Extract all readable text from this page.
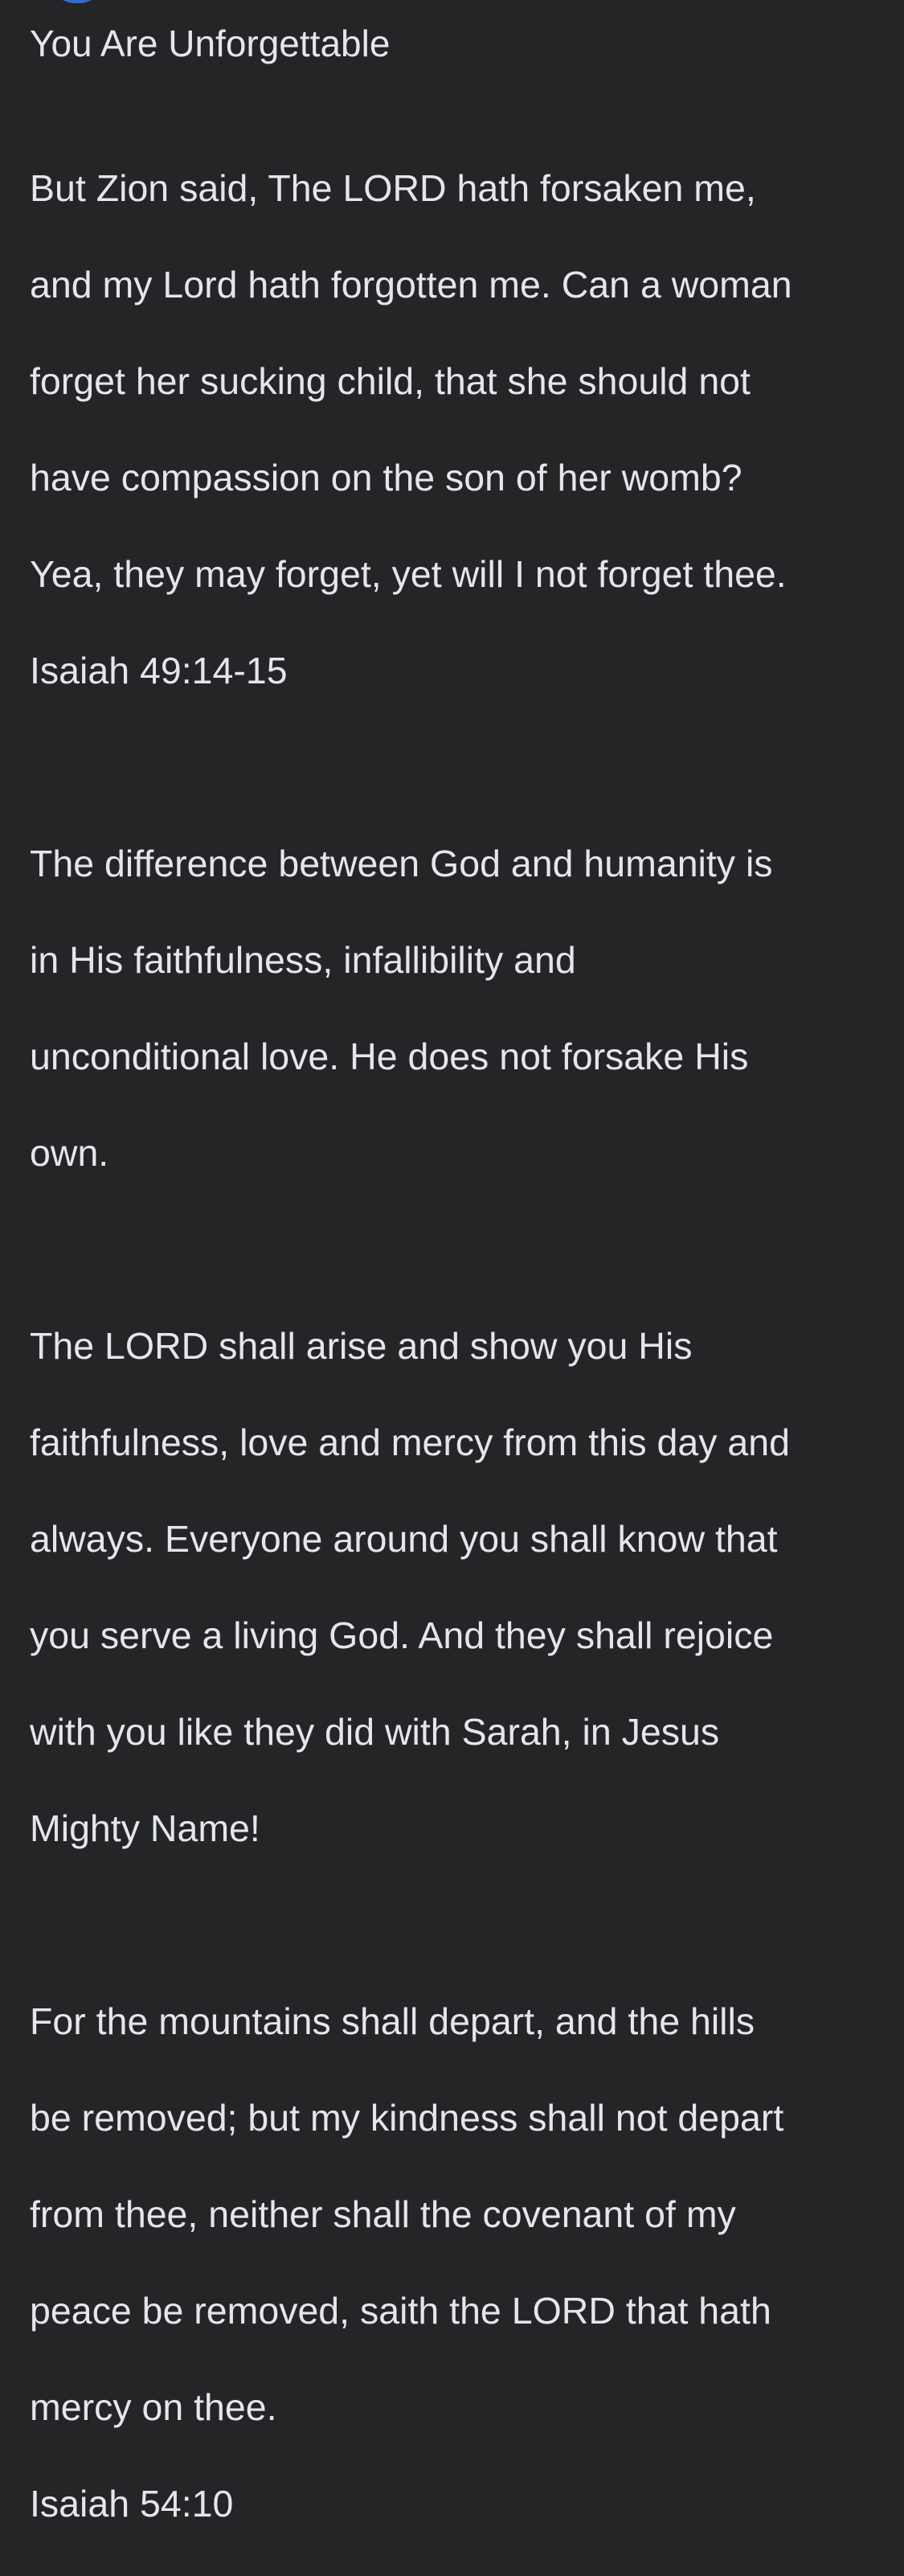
You Are Unforgettable

But Zion said, The LORD hath forsaken me,

and my Lord hath forgotten me. Can a woman

forget her sucking child, that she should not

have compassion on the son of her womb?

Yea, they may forget, yet will I not forget thee.

Isaiah 49:14-15

The difference between God and humanity is

in His faithfulness, infallibility and

unconditional love. He does not forsake His

own.

The LORD shall arise and show you His

faithfulness, love and mercy from this day and

always. Everyone around you shall know that

you serve a living God. And they shall rejoice

with you like they did with Sarah, in Jesus

Mighty Name!

For the mountains shall depart, and the hills

be removed; but my kindness shall not depart

from thee, neither shall the covenant of my

peace be removed, saith the LORD that hath

mercy on thee.

Isaiah 54:10
